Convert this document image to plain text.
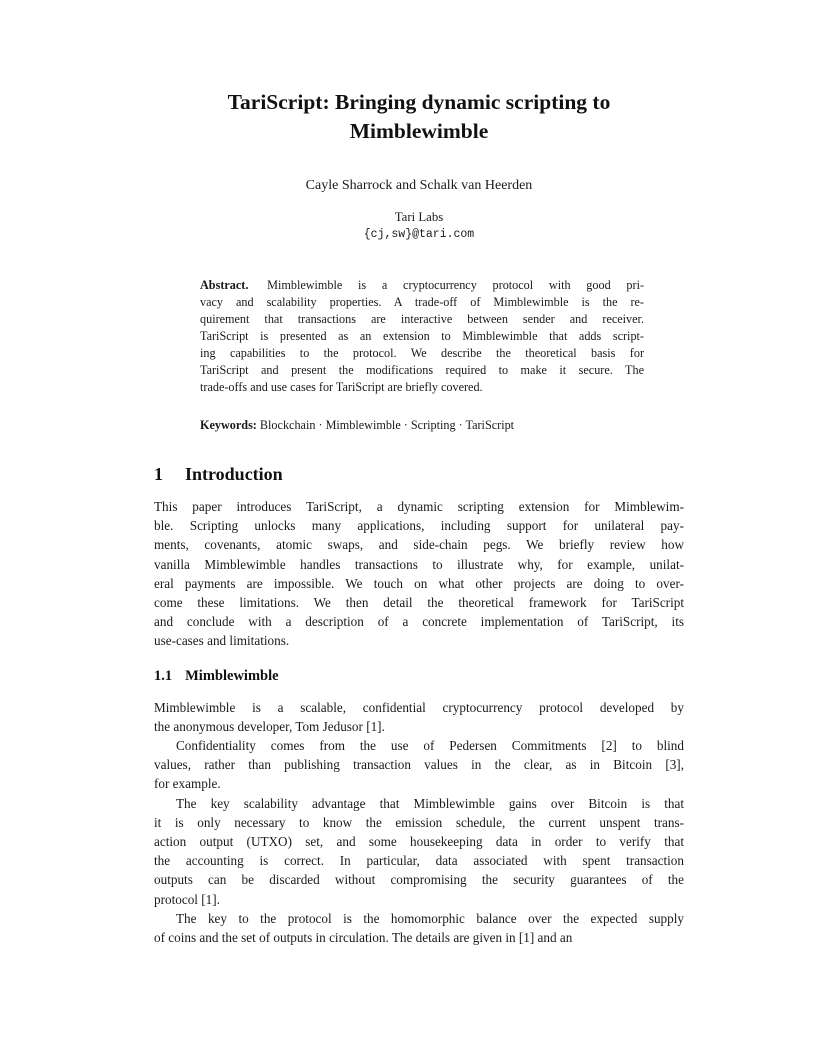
TariScript: Bringing dynamic scripting to
Mimblewimble
Cayle Sharrock and Schalk van Heerden
Tari Labs
{cj,sw}@tari.com
Abstract. Mimblewimble is a cryptocurrency protocol with good pri-
vacy and scalability properties. A trade-off of Mimblewimble is the re-
quirement that transactions are interactive between sender and receiver.
TariScript is presented as an extension to Mimblewimble that adds script-
ing capabilities to the protocol. We describe the theoretical basis for
TariScript and present the modifications required to make it secure. The
trade-offs and use cases for TariScript are briefly covered.
Keywords: Blockchain · Mimblewimble · Scripting · TariScript
1 Introduction
This paper introduces TariScript, a dynamic scripting extension for Mimblewim-
ble. Scripting unlocks many applications, including support for unilateral pay-
ments, covenants, atomic swaps, and side-chain pegs. We briefly review how
vanilla Mimblewimble handles transactions to illustrate why, for example, unilat-
eral payments are impossible. We touch on what other projects are doing to over-
come these limitations. We then detail the theoretical framework for TariScript
and conclude with a description of a concrete implementation of TariScript, its
use-cases and limitations.
1.1 Mimblewimble
Mimblewimble is a scalable, confidential cryptocurrency protocol developed by
the anonymous developer, Tom Jedusor [1].
Confidentiality comes from the use of Pedersen Commitments [2] to blind
values, rather than publishing transaction values in the clear, as in Bitcoin [3],
for example.
The key scalability advantage that Mimblewimble gains over Bitcoin is that
it is only necessary to know the emission schedule, the current unspent trans-
action output (UTXO) set, and some housekeeping data in order to verify that
the accounting is correct. In particular, data associated with spent transaction
outputs can be discarded without compromising the security guarantees of the
protocol [1].
The key to the protocol is the homomorphic balance over the expected supply
of coins and the set of outputs in circulation. The details are given in [1] and an
